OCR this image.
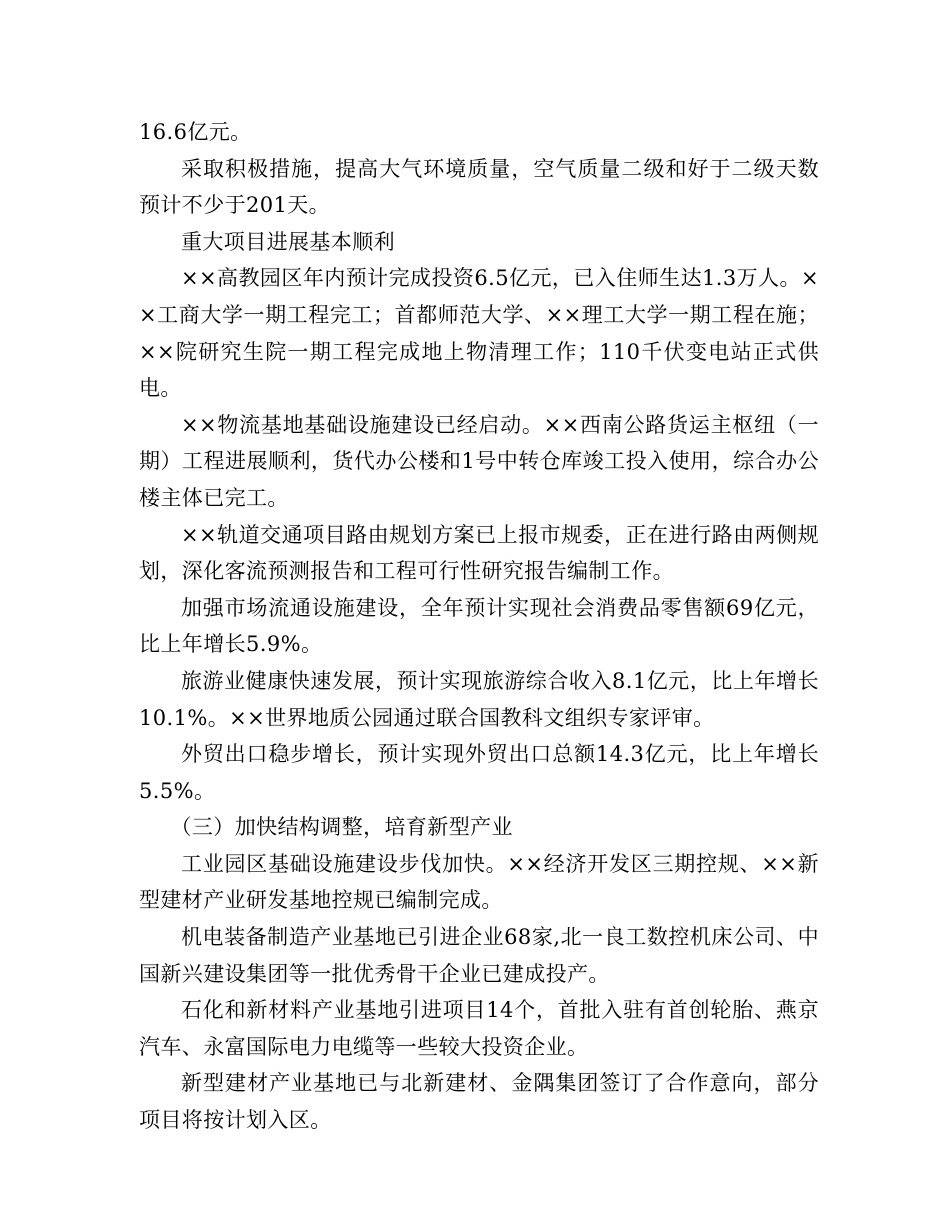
16.6亿元。

采取积极措施，提高大气环境质量，空气质量二级和好于二级天数预计不少于201天。

重大项目进展基本顺利

××高教园区年内预计完成投资6.5亿元，已入住师生达1.3万人。××工商大学一期工程完工；首都师范大学、××理工大学一期工程在施；××院研究生院一期工程完成地上物清理工作；110千伏变电站正式供电。

××物流基地基础设施建设已经启动。××西南公路货运主枢纽（一期）工程进展顺利，货代办公楼和1号中转仓库竣工投入使用，综合办公楼主体已完工。

××轨道交通项目路由规划方案已上报市规委，正在进行路由两侧规划，深化客流预测报告和工程可行性研究报告编制工作。

加强市场流通设施建设，全年预计实现社会消费品零售额69亿元，比上年增长5.9%。

旅游业健康快速发展，预计实现旅游综合收入8.1亿元，比上年增长10.1%。××世界地质公园通过联合国教科文组织专家评审。

外贸出口稳步增长，预计实现外贸出口总额14.3亿元，比上年增长5.5%。

（三）加快结构调整，培育新型产业

工业园区基础设施建设步伐加快。××经济开发区三期控规、××新型建材产业研发基地控规已编制完成。

机电装备制造产业基地已引进企业68家,北一良工数控机床公司、中国新兴建设集团等一批优秀骨干企业已建成投产。

石化和新材料产业基地引进项目14个，首批入驻有首创轮胎、燕京汽车、永富国际电力电缆等一些较大投资企业。

新型建材产业基地已与北新建材、金隅集团签订了合作意向，部分项目将按计划入区。
